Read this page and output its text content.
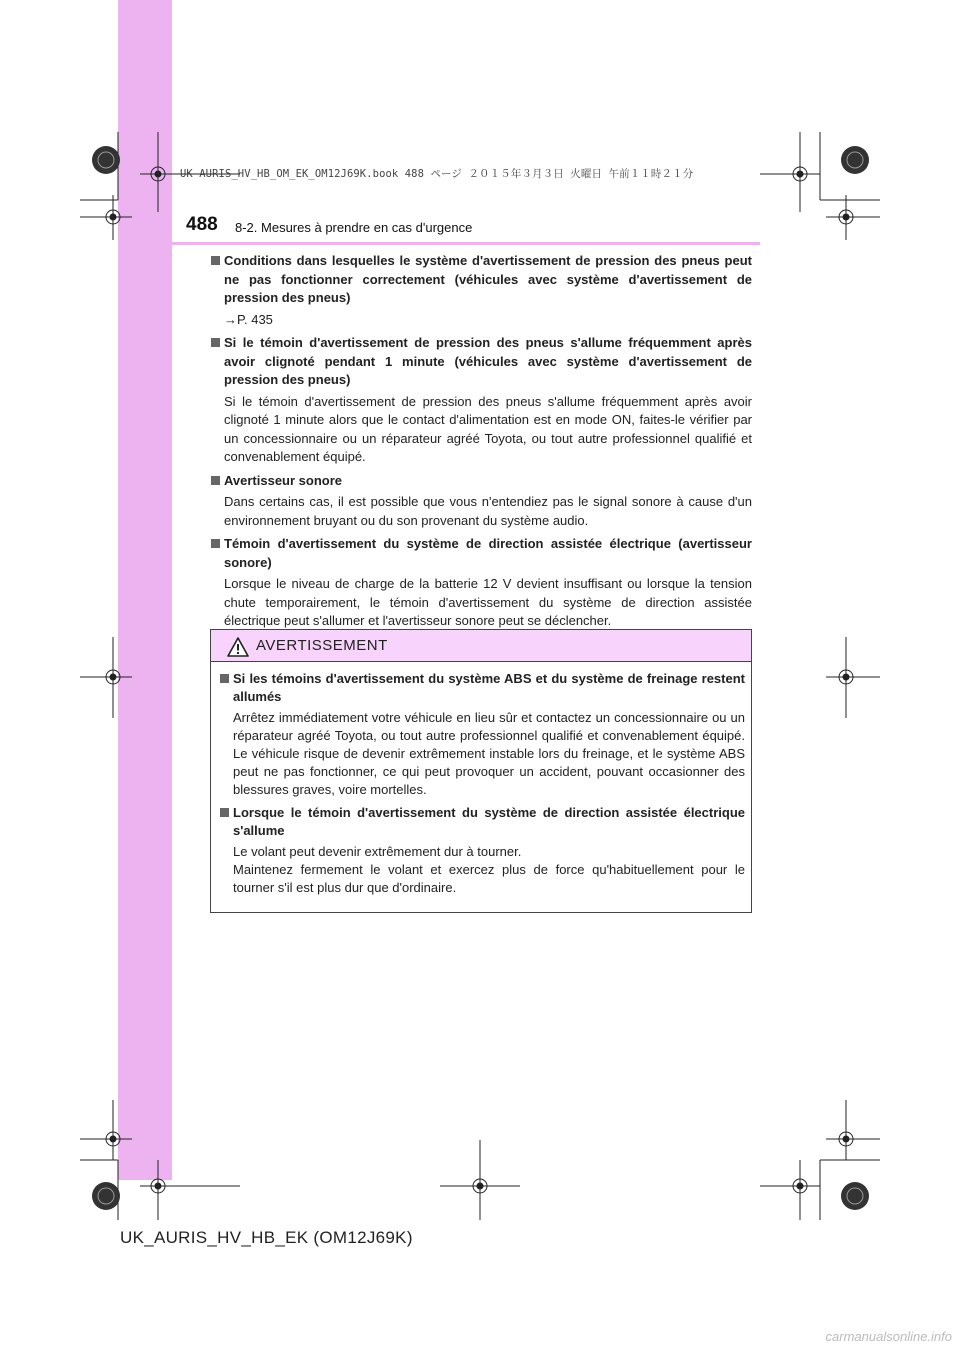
UK AURIS_HV_HB_OM_EK_OM12J69K.book 488 ページ ２０１５年３月３日 火曜日 午前１１時２１分
488 8-2. Mesures à prendre en cas d'urgence
Conditions dans lesquelles le système d'avertissement de pression des pneus peut ne pas fonctionner correctement (véhicules avec système d'avertissement de pression des pneus)
→P. 435
Si le témoin d'avertissement de pression des pneus s'allume fréquemment après avoir clignoté pendant 1 minute (véhicules avec système d'avertissement de pression des pneus)
Si le témoin d'avertissement de pression des pneus s'allume fréquemment après avoir clignoté 1 minute alors que le contact d'alimentation est en mode ON, faites-le vérifier par un concessionnaire ou un réparateur agréé Toyota, ou tout autre professionnel qualifié et convenablement équipé.
Avertisseur sonore
Dans certains cas, il est possible que vous n'entendiez pas le signal sonore à cause d'un environnement bruyant ou du son provenant du système audio.
Témoin d'avertissement du système de direction assistée électrique (avertisseur sonore)
Lorsque le niveau de charge de la batterie 12 V devient insuffisant ou lorsque la tension chute temporairement, le témoin d'avertissement du système de direction assistée électrique peut s'allumer et l'avertisseur sonore peut se déclencher.
AVERTISSEMENT
Si les témoins d'avertissement du système ABS et du système de freinage restent allumés
Arrêtez immédiatement votre véhicule en lieu sûr et contactez un concessionnaire ou un réparateur agréé Toyota, ou tout autre professionnel qualifié et convenablement équipé. Le véhicule risque de devenir extrêmement instable lors du freinage, et le système ABS peut ne pas fonctionner, ce qui peut provoquer un accident, pouvant occasionner des blessures graves, voire mortelles.
Lorsque le témoin d'avertissement du système de direction assistée électrique s'allume
Le volant peut devenir extrêmement dur à tourner.
Maintenez fermement le volant et exercez plus de force qu'habituellement pour le tourner s'il est plus dur que d'ordinaire.
UK_AURIS_HV_HB_EK (OM12J69K)
carmanualsonline.info
